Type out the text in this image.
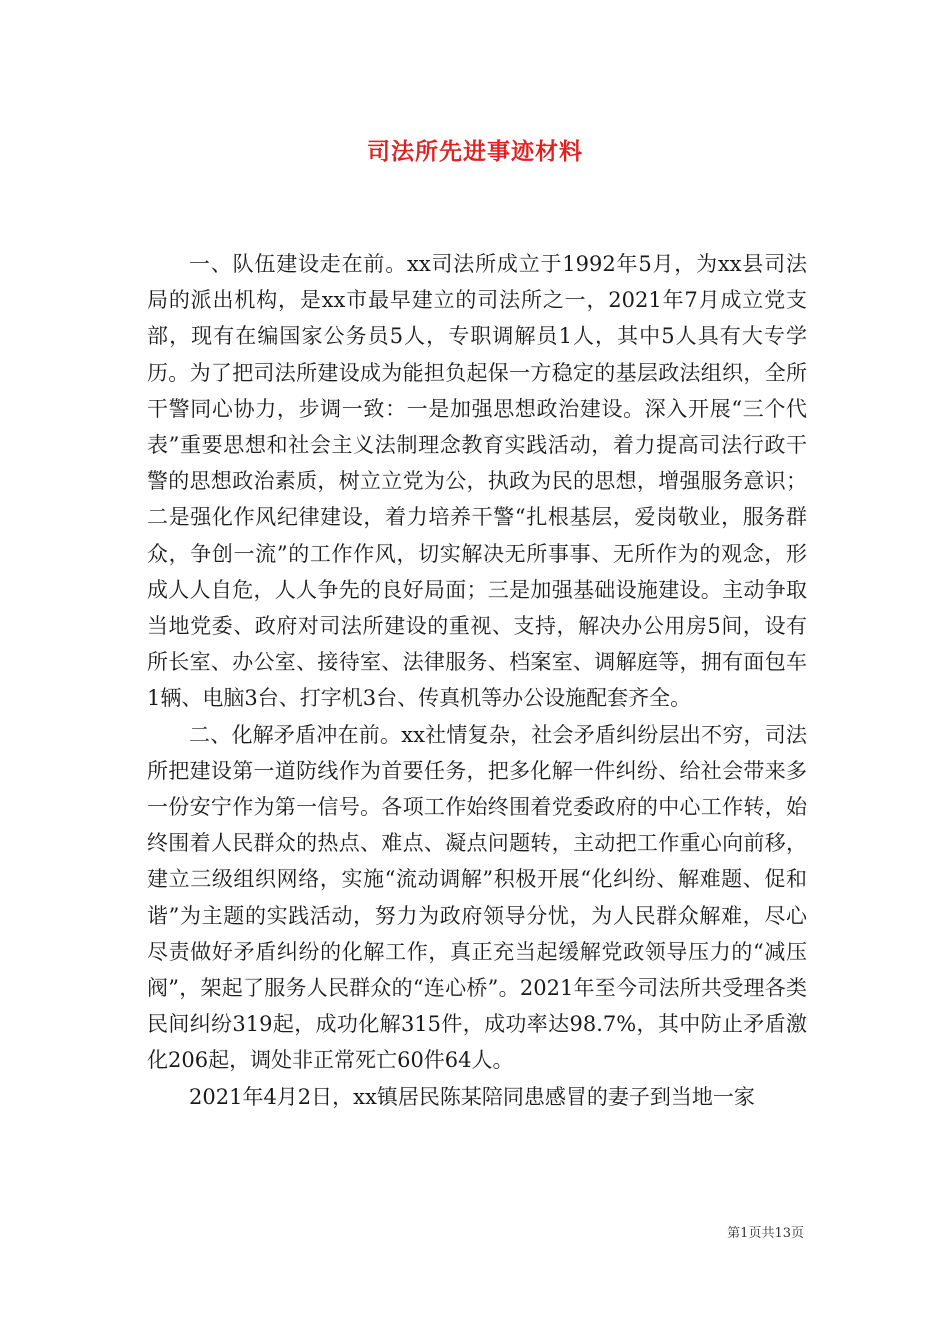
司法所先进事迹材料

一、队伍建设走在前。xx司法所成立于1992年5月，为xx县司法局的派出机构，是xx市最早建立的司法所之一，2021年7月成立党支部，现有在编国家公务员5人，专职调解员1人，其中5人具有大专学历。为了把司法所建设成为能担负起保一方稳定的基层政法组织，全所干警同心协力，步调一致：一是加强思想政治建设。深入开展“三个代表”重要思想和社会主义法制理念教育实践活动，着力提高司法行政干警的思想政治素质，树立立党为公，执政为民的思想，增强服务意识；二是强化作风纪律建设，着力培养干警“扎根基层，爱岗敬业，服务群众，争创一流”的工作作风，切实解决无所事事、无所作为的观念，形成人人自危，人人争先的良好局面；三是加强基础设施建设。主动争取当地党委、政府对司法所建设的重视、支持，解决办公用房5间，设有所长室、办公室、接待室、法律服务、档案室、调解庭等，拥有面包车1辆、电脑3台、打字机3台、传真机等办公设施配套齐全。

二、化解矛盾冲在前。xx社情复杂，社会矛盾纠纷层出不穷，司法所把建设第一道防线作为首要任务，把多化解一件纠纷、给社会带来多一份安宁作为第一信号。各项工作始终围着党委政府的中心工作转，始终围着人民群众的热点、难点、凝点问题转，主动把工作重心向前移，建立三级组织网络，实施“流动调解”积极开展“化纠纷、解难题、促和谐”为主题的实践活动，努力为政府领导分忧，为人民群众解难，尽心尽责做好矛盾纠纷的化解工作，真正充当起缓解党政领导压力的“减压阀”，架起了服务人民群众的“连心桥”。2021年至今司法所共受理各类民间纠纷319起，成功化解315件，成功率达98.7%，其中防止矛盾激化206起，调处非正常死亡60件64人。

2021年4月2日，xx镇居民陈某陪同患感冒的妻子到当地一家

第1页共13页
